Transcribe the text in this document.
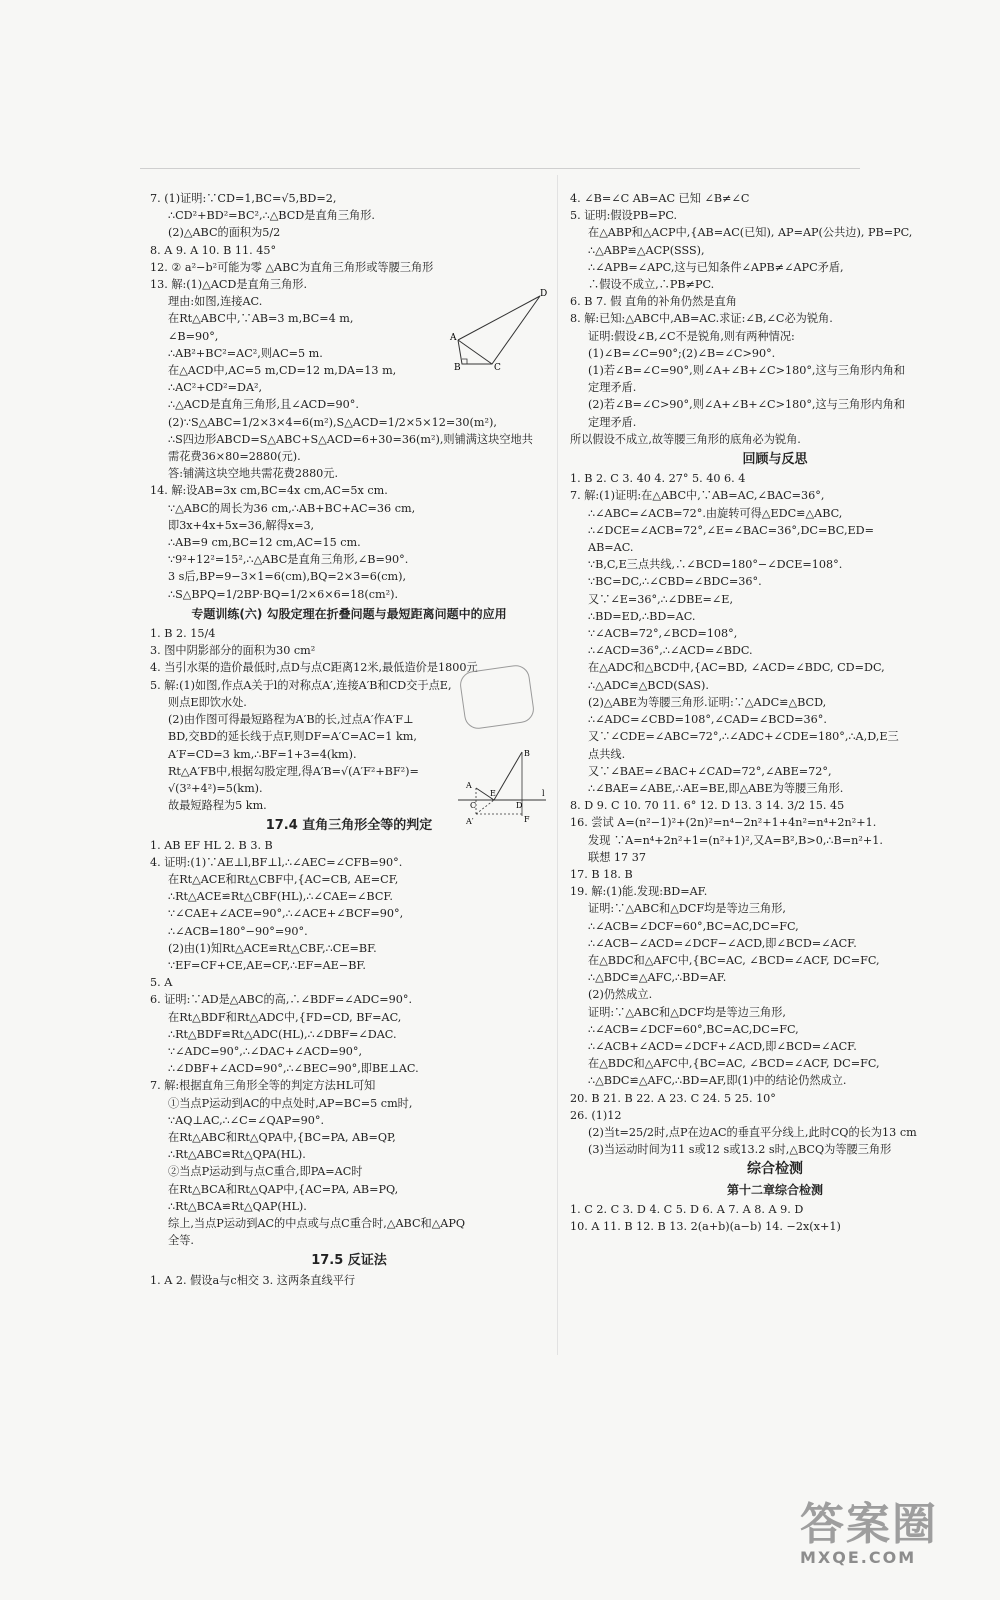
7. (1)证明:∵CD=1,BC=√5,BD=2,
∴CD²+BD²=BC²,∴△BCD是直角三角形.
(2)△ABC的面积为5/2
8. A 9. A 10. B 11. 45°
12. ② a²−b²可能为零 △ABC为直角三角形或等腰三角形
13. 解:(1)△ACD是直角三角形.
理由:如图,连接AC.
在Rt△ABC中,∵AB=3 m,BC=4 m,
∠B=90°,
∴AB²+BC²=AC²,则AC=5 m.
在△ACD中,AC=5 m,CD=12 m,DA=13 m,
∴AC²+CD²=DA²,
∴△ACD是直角三角形,且∠ACD=90°.
(2)∵S△ABC=1/2×3×4=6(m²),S△ACD=1/2×5×12=30(m²),
∴S四边形ABCD=S△ABC+S△ACD=6+30=36(m²),则铺满这块空地共
需花费36×80=2880(元).
答:铺满这块空地共需花费2880元.
14. 解:设AB=3x cm,BC=4x cm,AC=5x cm.
∵△ABC的周长为36 cm,∴AB+BC+AC=36 cm,
即3x+4x+5x=36,解得x=3,
∴AB=9 cm,BC=12 cm,AC=15 cm.
∵9²+12²=15²,∴△ABC是直角三角形,∠B=90°.
3 s后,BP=9−3×1=6(cm),BQ=2×3=6(cm),
∴S△BPQ=1/2BP·BQ=1/2×6×6=18(cm²).
专题训练(六) 勾股定理在折叠问题与最短距离问题中的应用
1. B 2. 15/4
3. 图中阴影部分的面积为30 cm²
4. 当引水渠的造价最低时,点D与点C距离12米,最低造价是1800元
5. 解:(1)如图,作点A关于l的对称点A′,连接A′B和CD交于点E,
则点E即饮水处.
(2)由作图可得最短路程为A′B的长,过点A′作A′F⊥
BD,交BD的延长线于点F,则DF=A′C=AC=1 km,
A′F=CD=3 km,∴BF=1+3=4(km).
Rt△A′FB中,根据勾股定理,得A′B=√(A′F²+BF²)=
√(3²+4²)=5(km).
故最短路程为5 km.
17.4 直角三角形全等的判定
1. AB EF HL 2. B 3. B
4. 证明:(1)∵AE⊥l,BF⊥l,∴∠AEC=∠CFB=90°.
在Rt△ACE和Rt△CBF中,{AC=CB, AE=CF,
∴Rt△ACE≌Rt△CBF(HL),∴∠CAE=∠BCF.
∵∠CAE+∠ACE=90°,∴∠ACE+∠BCF=90°,
∴∠ACB=180°−90°=90°.
(2)由(1)知Rt△ACE≌Rt△CBF,∴CE=BF.
∵EF=CF+CE,AE=CF,∴EF=AE−BF.
5. A
6. 证明:∵AD是△ABC的高,∴∠BDF=∠ADC=90°.
在Rt△BDF和Rt△ADC中,{FD=CD, BF=AC,
∴Rt△BDF≌Rt△ADC(HL),∴∠DBF=∠DAC.
∵∠ADC=90°,∴∠DAC+∠ACD=90°,
∴∠DBF+∠ACD=90°,∴∠BEC=90°,即BE⊥AC.
7. 解:根据直角三角形全等的判定方法HL可知
①当点P运动到AC的中点处时,AP=BC=5 cm时,
∵AQ⊥AC,∴∠C=∠QAP=90°.
在Rt△ABC和Rt△QPA中,{BC=PA, AB=QP,
∴Rt△ABC≌Rt△QPA(HL).
②当点P运动到与点C重合,即PA=AC时
在Rt△BCA和Rt△QAP中,{AC=PA, AB=PQ,
∴Rt△BCA≌Rt△QAP(HL).
综上,当点P运动到AC的中点或与点C重合时,△ABC和△APQ
全等.
17.5 反证法
1. A 2. 假设a与c相交 3. 这两条直线平行
4. ∠B=∠C AB=AC 已知 ∠B≠∠C
5. 证明:假设PB=PC.
在△ABP和△ACP中,{AB=AC(已知), AP=AP(公共边), PB=PC,
∴△ABP≌△ACP(SSS),
∴∠APB=∠APC,这与已知条件∠APB≠∠APC矛盾,
∴假设不成立,∴PB≠PC.
6. B 7. 假 直角的补角仍然是直角
8. 解:已知:△ABC中,AB=AC.求证:∠B,∠C必为锐角.
证明:假设∠B,∠C不是锐角,则有两种情况:
(1)∠B=∠C=90°;(2)∠B=∠C>90°.
(1)若∠B=∠C=90°,则∠A+∠B+∠C>180°,这与三角形内角和
定理矛盾.
(2)若∠B=∠C>90°,则∠A+∠B+∠C>180°,这与三角形内角和
定理矛盾.
所以假设不成立,故等腰三角形的底角必为锐角.
回顾与反思
1. B 2. C 3. 40 4. 27° 5. 40 6. 4
7. 解:(1)证明:在△ABC中,∵AB=AC,∠BAC=36°,
∴∠ABC=∠ACB=72°.由旋转可得△EDC≌△ABC,
∴∠DCE=∠ACB=72°,∠E=∠BAC=36°,DC=BC,ED=
AB=AC.
∵B,C,E三点共线,∴∠BCD=180°−∠DCE=108°.
∵BC=DC,∴∠CBD=∠BDC=36°.
又∵∠E=36°,∴∠DBE=∠E,
∴BD=ED,∴BD=AC.
∵∠ACB=72°,∠BCD=108°,
∴∠ACD=36°,∴∠ACD=∠BDC.
在△ADC和△BCD中,{AC=BD, ∠ACD=∠BDC, CD=DC,
∴△ADC≌△BCD(SAS).
(2)△ABE为等腰三角形.证明:∵△ADC≌△BCD,
∴∠ADC=∠CBD=108°,∠CAD=∠BCD=36°.
又∵∠CDE=∠ABC=72°,∴∠ADC+∠CDE=180°,∴A,D,E三
点共线.
又∵∠BAE=∠BAC+∠CAD=72°,∠ABE=72°,
∴∠BAE=∠ABE,∴AE=BE,即△ABE为等腰三角形.
8. D 9. C 10. 70 11. 6° 12. D 13. 3 14. 3/2 15. 45
16. 尝试 A=(n²−1)²+(2n)²=n⁴−2n²+1+4n²=n⁴+2n²+1.
发现 ∵A=n⁴+2n²+1=(n²+1)²,又A=B²,B>0,∴B=n²+1.
联想 17 37
17. B 18. B
19. 解:(1)能.发现:BD=AF.
证明:∵△ABC和△DCF均是等边三角形,
∴∠ACB=∠DCF=60°,BC=AC,DC=FC,
∴∠ACB−∠ACD=∠DCF−∠ACD,即∠BCD=∠ACF.
在△BDC和△AFC中,{BC=AC, ∠BCD=∠ACF, DC=FC,
∴△BDC≌△AFC,∴BD=AF.
(2)仍然成立.
证明:∵△ABC和△DCF均是等边三角形,
∴∠ACB=∠DCF=60°,BC=AC,DC=FC,
∴∠ACB+∠ACD=∠DCF+∠ACD,即∠BCD=∠ACF.
在△BDC和△AFC中,{BC=AC, ∠BCD=∠ACF, DC=FC,
∴△BDC≌△AFC,∴BD=AF,即(1)中的结论仍然成立.
20. B 21. B 22. A 23. C 24. 5 25. 10°
26. (1)12
(2)当t=25/2时,点P在边AC的垂直平分线上,此时CQ的长为13 cm
(3)当运动时间为11 s或12 s或13.2 s时,△BCQ为等腰三角形
综合检测
第十二章综合检测
1. C 2. C 3. D 4. C 5. D 6. A 7. A 8. A 9. D
10. A 11. B 12. B 13. 2(a+b)(a−b) 14. −2x(x+1)
A
B	C
D
A
B
C	D
E
F
A′
l
答案圈
MXQE.COM
